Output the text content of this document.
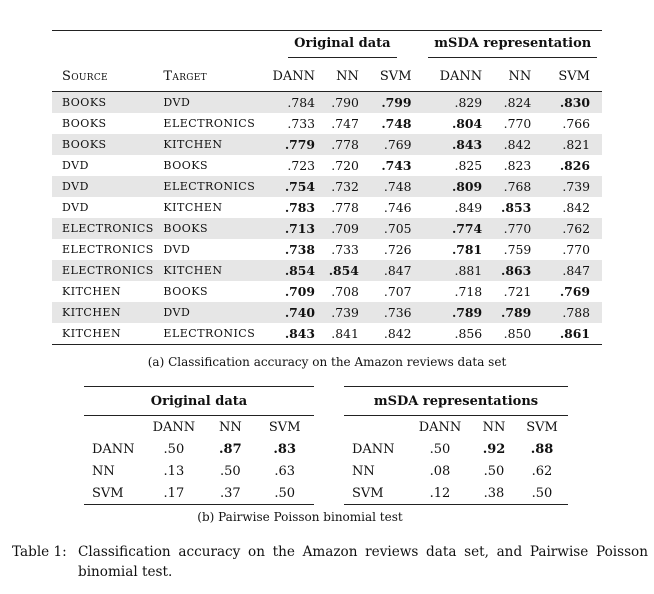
		Original data			mSDA representation		
Source	Target	DANN	NN	SVM	DANN	NN	SVM
BOOKS	DVD	.784	.790	.799	.829	.824	.830
BOOKS	ELECTRONICS	.733	.747	.748	.804	.770	.766
BOOKS	KITCHEN	.779	.778	.769	.843	.842	.821
DVD	BOOKS	.723	.720	.743	.825	.823	.826
DVD	ELECTRONICS	.754	.732	.748	.809	.768	.739
DVD	KITCHEN	.783	.778	.746	.849	.853	.842
ELECTRONICS	BOOKS	.713	.709	.705	.774	.770	.762
ELECTRONICS	DVD	.738	.733	.726	.781	.759	.770
ELECTRONICS	KITCHEN	.854	.854	.847	.881	.863	.847
KITCHEN	BOOKS	.709	.708	.707	.718	.721	.769
KITCHEN	DVD	.740	.739	.736	.789	.789	.788
KITCHEN	ELECTRONICS	.843	.841	.842	.856	.850	.861
(a) Classification accuracy on the Amazon reviews data set
Original data			
	DANN	NN	SVM
DANN	.50	.87	.83
NN	.13	.50	.63
SVM	.17	.37	.50
mSDA representations			
	DANN	NN	SVM
DANN	.50	.92	.88
NN	.08	.50	.62
SVM	.12	.38	.50
(b) Pairwise Poisson binomial test
Table 1: Classification accuracy on the Amazon reviews data set, and Pairwise Poisson binomial test.
